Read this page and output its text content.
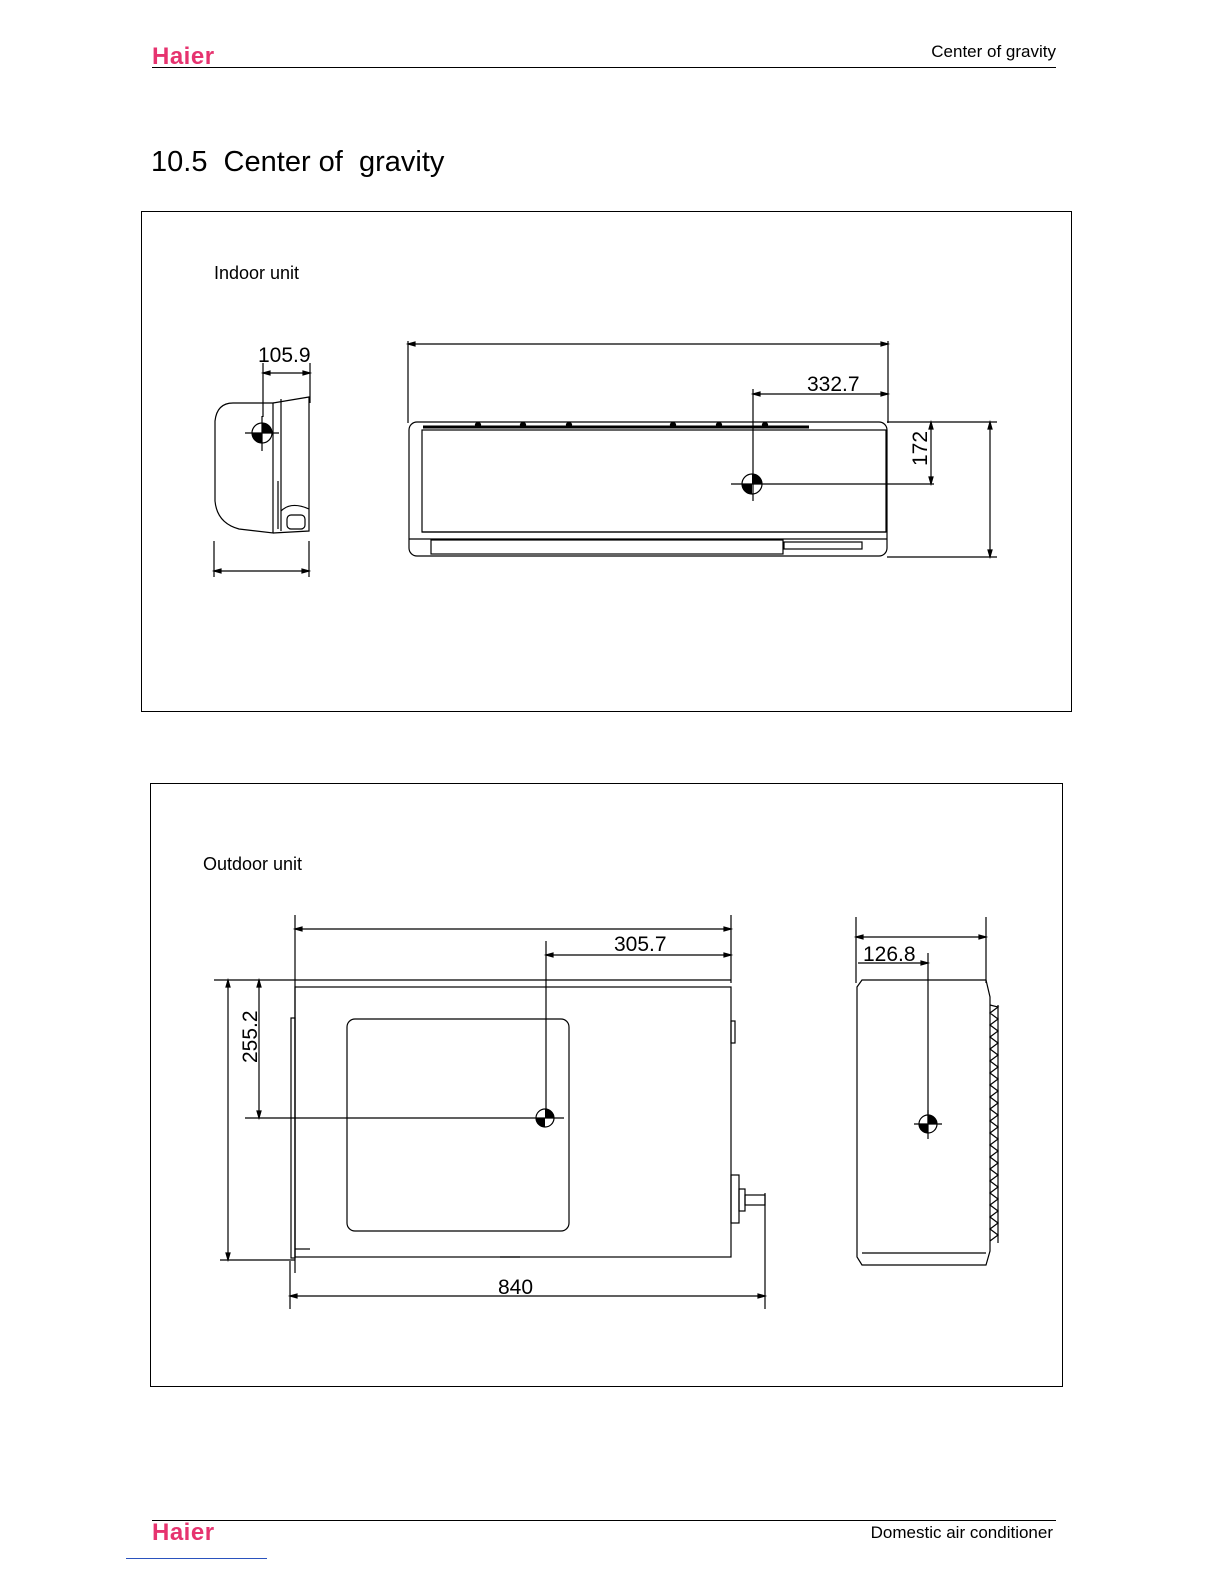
Haier	Center of gravity
10.5  Center of  gravity
Indoor unit
105.9
332.7
172
Outdoor unit
305.7
255.2
840
126.8
Haier	Domestic air conditioner
